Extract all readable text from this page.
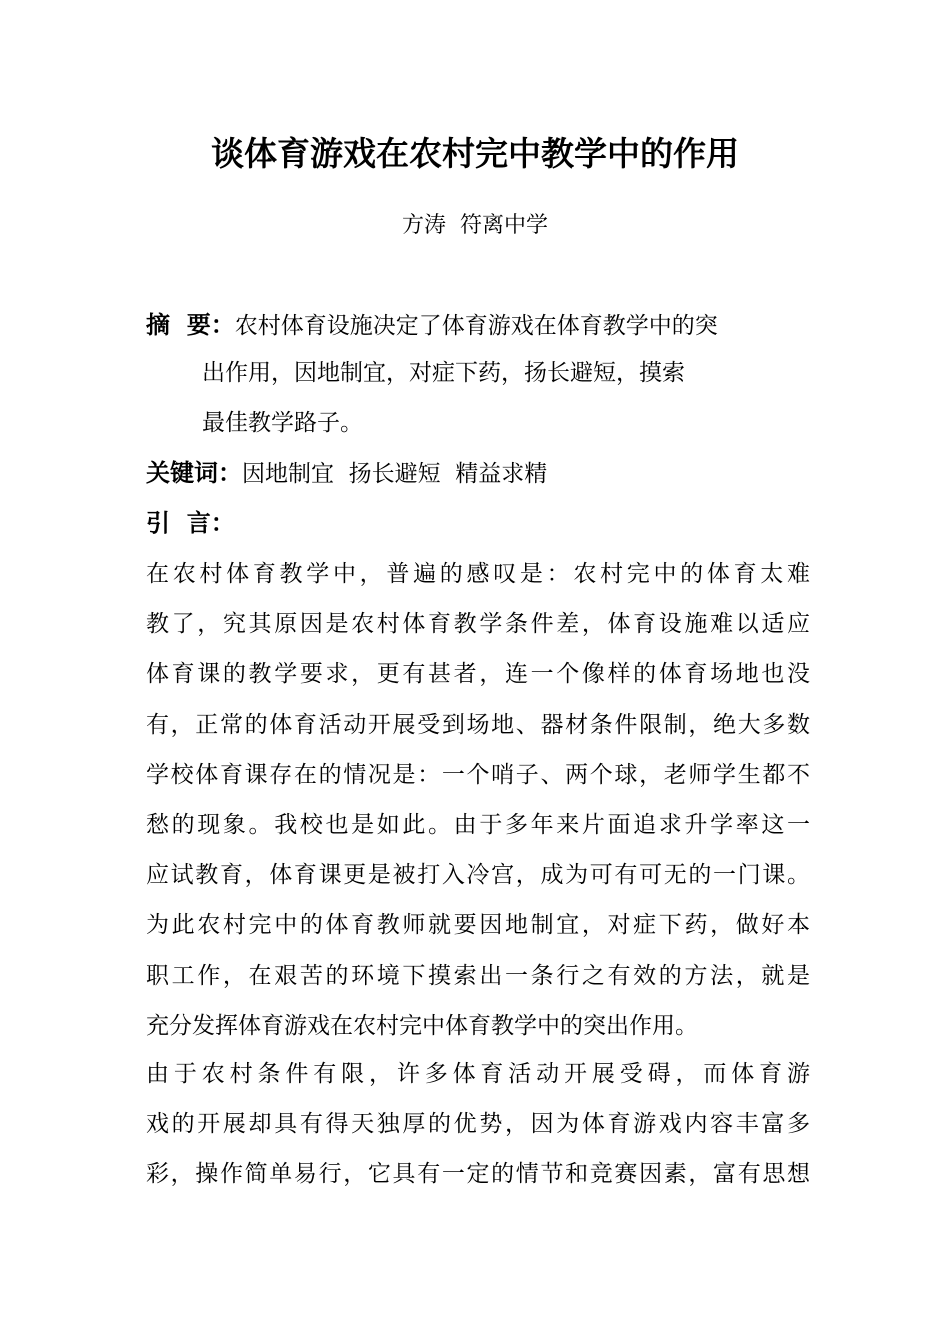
谈体育游戏在农村完中教学中的作用
方涛  符离中学
摘  要：农村体育设施决定了体育游戏在体育教学中的突
出作用，因地制宜，对症下药，扬长避短，摸索
最佳教学路子。
关键词：因地制宜  扬长避短  精益求精
引  言：
在农村体育教学中，普遍的感叹是：农村完中的体育太难
教了，究其原因是农村体育教学条件差，体育设施难以适应
体育课的教学要求，更有甚者，连一个像样的体育场地也没
有，正常的体育活动开展受到场地、器材条件限制，绝大多数
学校体育课存在的情况是：一个哨子、两个球，老师学生都不
愁的现象。我校也是如此。由于多年来片面追求升学率这一
应试教育，体育课更是被打入冷宫，成为可有可无的一门课。
为此农村完中的体育教师就要因地制宜，对症下药，做好本
职工作，在艰苦的环境下摸索出一条行之有效的方法，就是
充分发挥体育游戏在农村完中体育教学中的突出作用。
由于农村条件有限，许多体育活动开展受碍，而体育游
戏的开展却具有得天独厚的优势，因为体育游戏内容丰富多
彩，操作简单易行，它具有一定的情节和竞赛因素，富有思想
